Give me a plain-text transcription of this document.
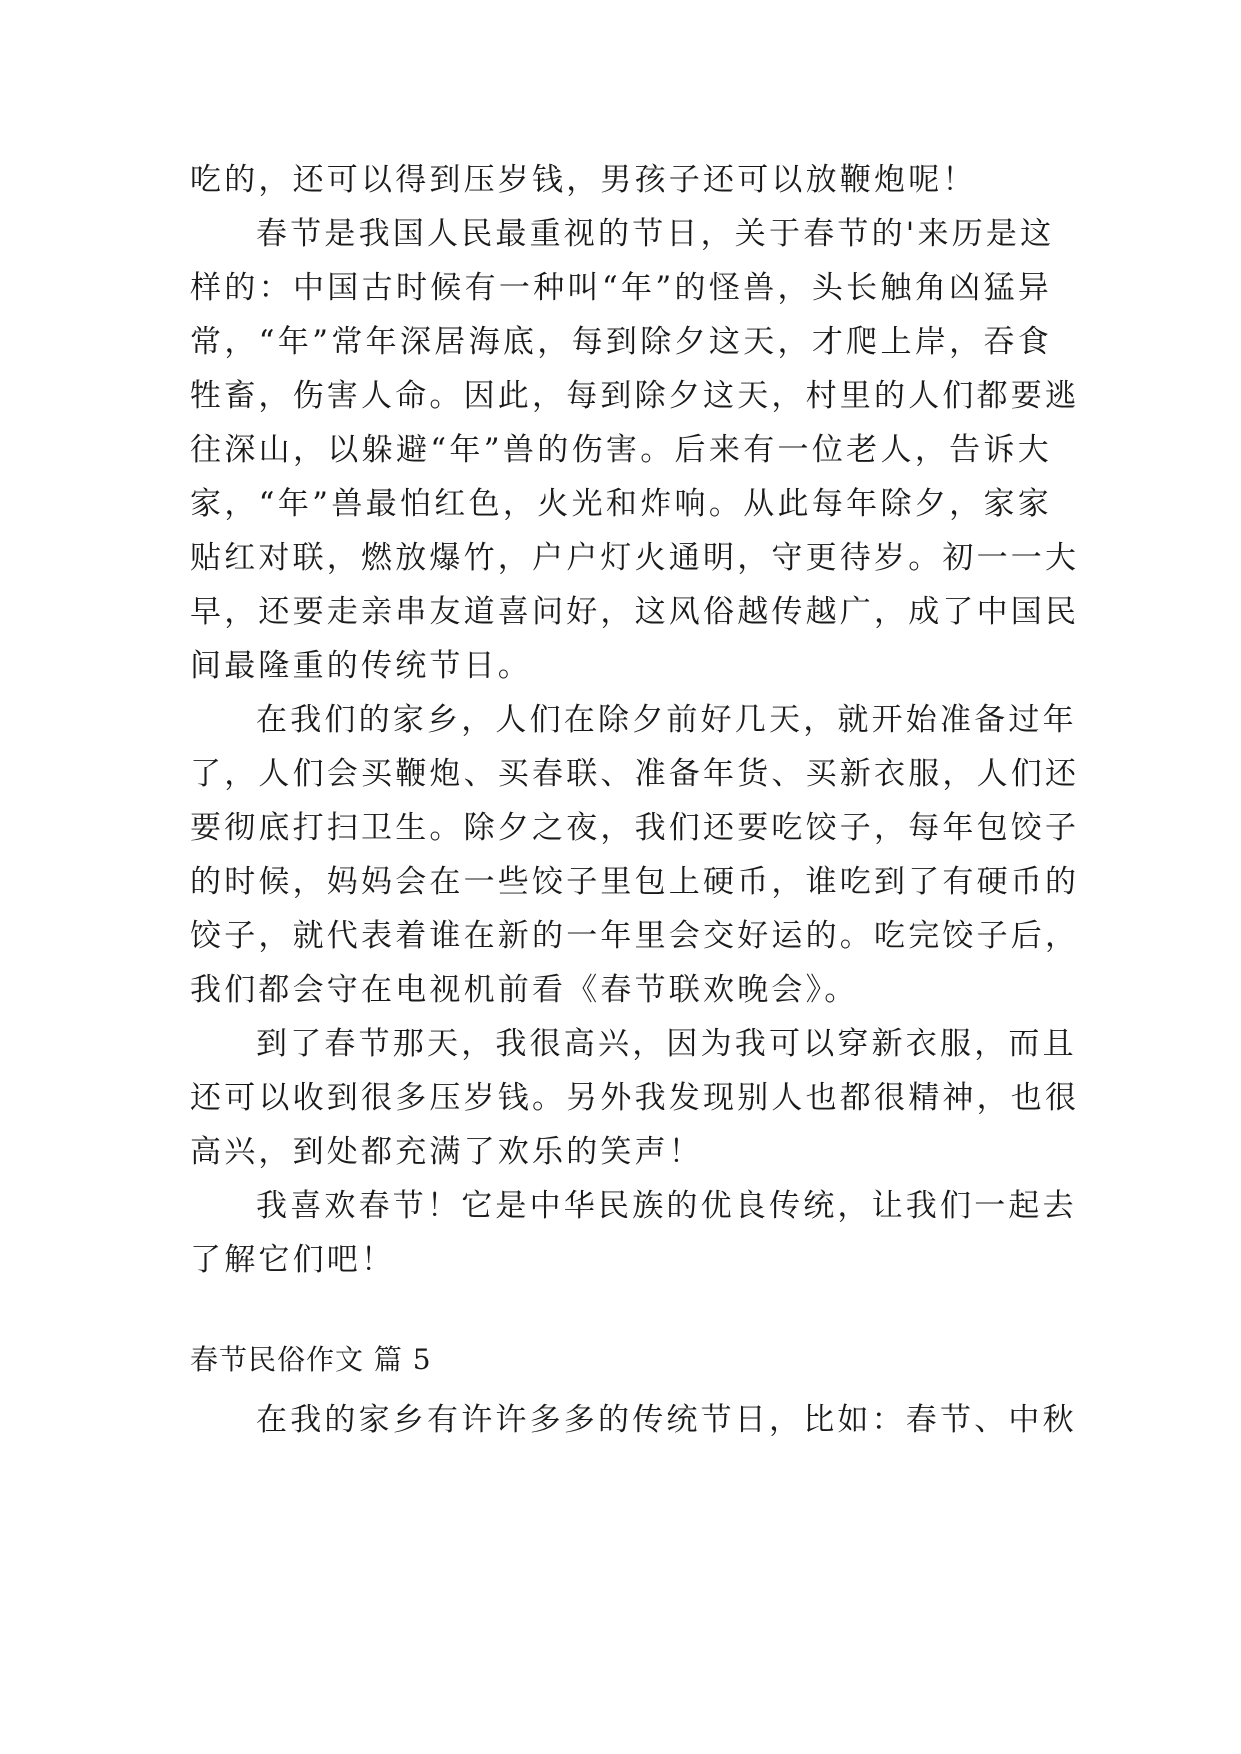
吃的，还可以得到压岁钱，男孩子还可以放鞭炮呢！
春节是我国人民最重视的节日，关于春节的'来历是这
样的：中国古时候有一种叫“年”的怪兽，头长触角凶猛异
常，“年”常年深居海底，每到除夕这天，才爬上岸，吞食
牲畜，伤害人命。因此，每到除夕这天，村里的人们都要逃
往深山，以躲避“年”兽的伤害。后来有一位老人，告诉大
家，“年”兽最怕红色，火光和炸响。从此每年除夕，家家
贴红对联，燃放爆竹，户户灯火通明，守更待岁。初一一大
早，还要走亲串友道喜问好，这风俗越传越广，成了中国民
间最隆重的传统节日。
在我们的家乡，人们在除夕前好几天，就开始准备过年
了，人们会买鞭炮、买春联、准备年货、买新衣服，人们还
要彻底打扫卫生。除夕之夜，我们还要吃饺子，每年包饺子
的时候，妈妈会在一些饺子里包上硬币，谁吃到了有硬币的
饺子，就代表着谁在新的一年里会交好运的。吃完饺子后，
我们都会守在电视机前看《春节联欢晚会》。
到了春节那天，我很高兴，因为我可以穿新衣服，而且
还可以收到很多压岁钱。另外我发现别人也都很精神，也很
高兴，到处都充满了欢乐的笑声！
我喜欢春节！它是中华民族的优良传统，让我们一起去
了解它们吧！
春节民俗作文 篇 5
在我的家乡有许许多多的传统节日，比如：春节、中秋
